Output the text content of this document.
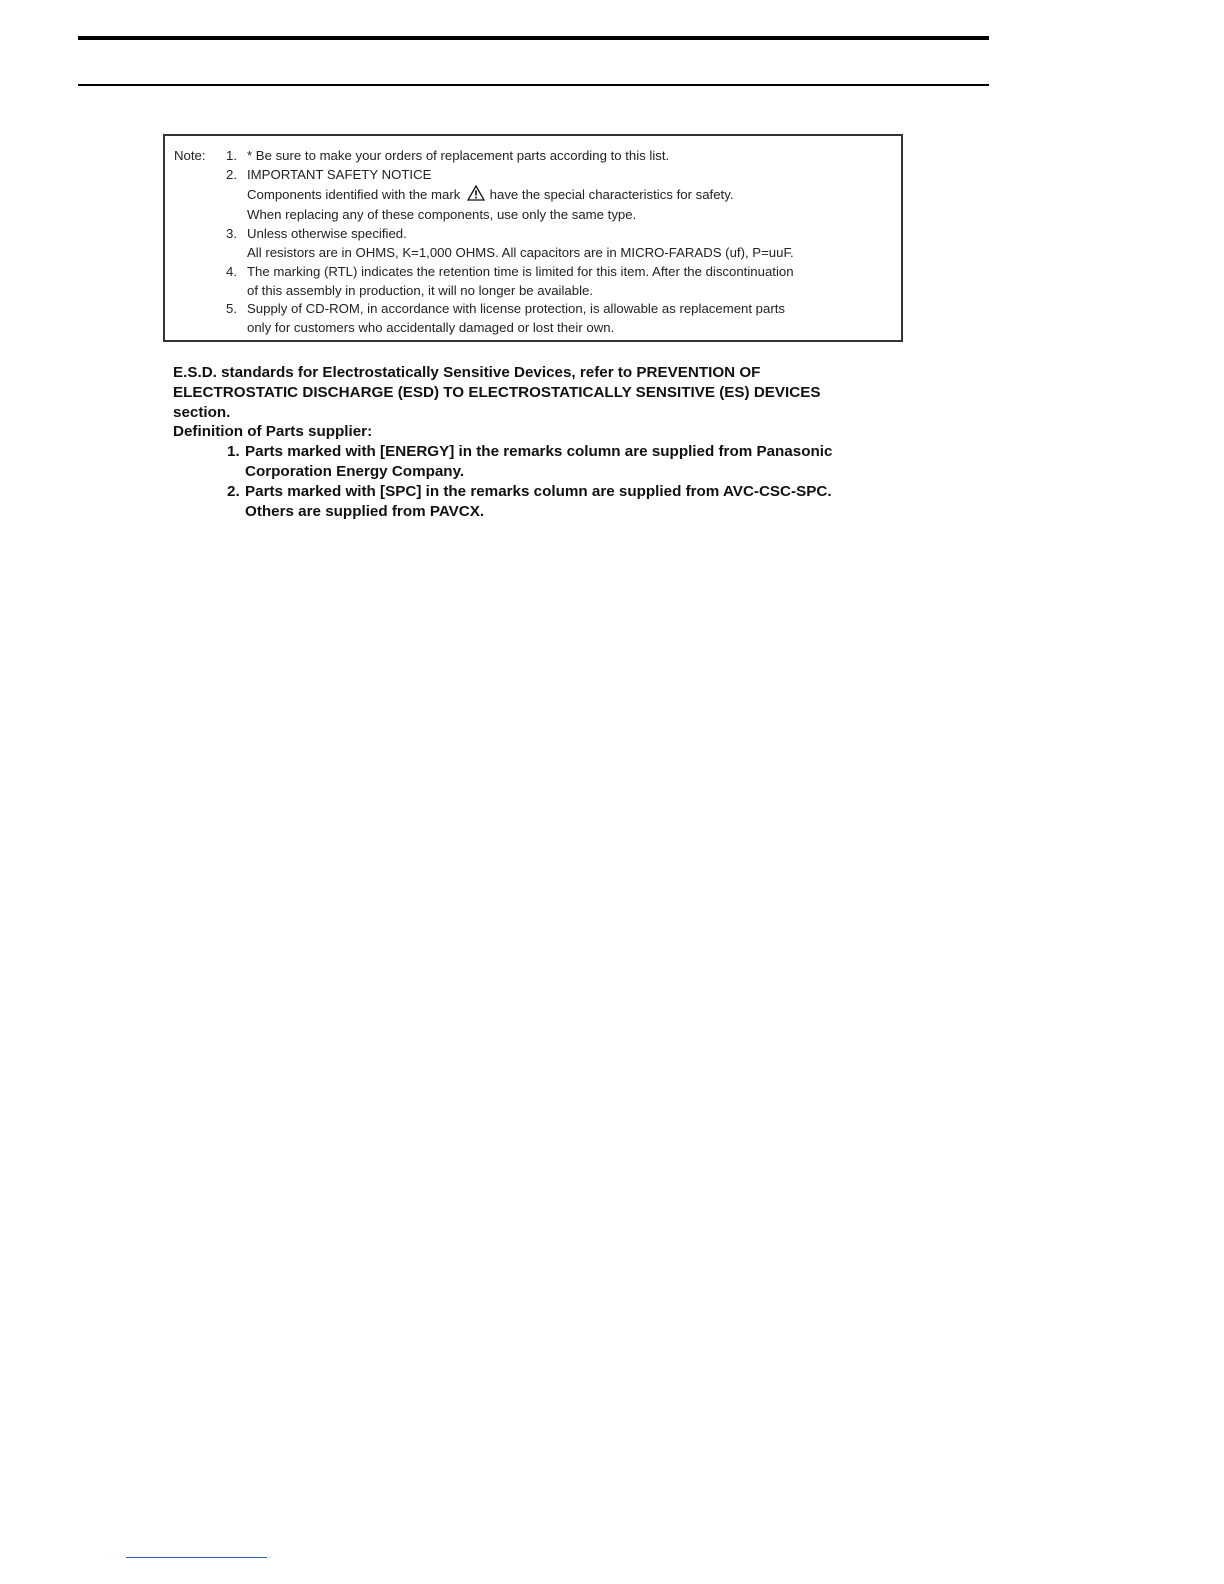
Note: 1. * Be sure to make your orders of replacement parts according to this list.
2. IMPORTANT SAFETY NOTICE
Components identified with the mark have the special characteristics for safety.
When replacing any of these components, use only the same type.
3. Unless otherwise specified.
All resistors are in OHMS, K=1,000 OHMS. All capacitors are in MICRO-FARADS (uf), P=uuF.
4. The marking (RTL) indicates the retention time is limited for this item. After the discontinuation
of this assembly in production, it will no longer be available.
5. Supply of CD-ROM, in accordance with license protection, is allowable as replacement parts
only for customers who accidentally damaged or lost their own.
E.S.D. standards for Electrostatically Sensitive Devices, refer to PREVENTION OF
ELECTROSTATIC DISCHARGE (ESD) TO ELECTROSTATICALLY SENSITIVE (ES) DEVICES
section.
Definition of Parts supplier:
1. Parts marked with [ENERGY] in the remarks column are supplied from Panasonic
Corporation Energy Company.
2. Parts marked with [SPC] in the remarks column are supplied from AVC-CSC-SPC.
Others are supplied from PAVCX.
